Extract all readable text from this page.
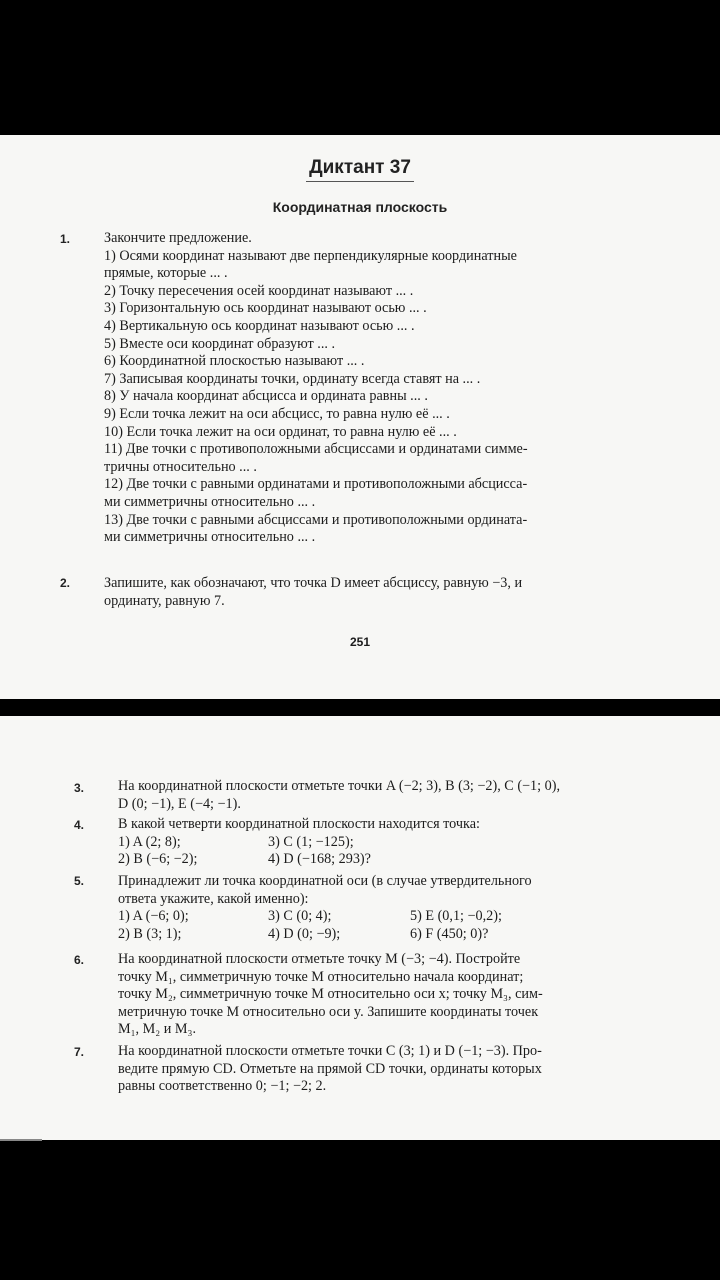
Диктант 37
Координатная плоскость
1. Закончите предложение.
1) Осями координат называют две перпендикулярные координатные
прямые, которые ... .
2) Точку пересечения осей координат называют ... .
3) Горизонтальную ось координат называют осью ... .
4) Вертикальную ось координат называют осью ... .
5) Вместе оси координат образуют ... .
6) Координатной плоскостью называют ... .
7) Записывая координаты точки, ординату всегда ставят на ... .
8) У начала координат абсцисса и ордината равны ... .
9) Если точка лежит на оси абсцисс, то равна нулю её ... .
10) Если точка лежит на оси ординат, то равна нулю её ... .
11) Две точки с противоположными абсциссами и ординатами симме-
тричны относительно ... .
12) Две точки с равными ординатами и противоположными абсцисса-
ми симметричны относительно ... .
13) Две точки с равными абсциссами и противоположными ордината-
ми симметричны относительно ... .
2. Запишите, как обозначают, что точка D имеет абсциссу, равную −3, и
ординату, равную 7.
251
3. На координатной плоскости отметьте точки A (−2; 3), B (3; −2), C (−1; 0),
D (0; −1), E (−4; −1).
4. В какой четверти координатной плоскости находится точка:
1) A (2; 8);	3) C (1; −125);
2) B (−6; −2);	4) D (−168; 293)?
5. Принадлежит ли точка координатной оси (в случае утвердительного
ответа укажите, какой именно):
1) A (−6; 0);	3) C (0; 4);	5) E (0,1; −0,2);
2) B (3; 1);	4) D (0; −9);	6) F (450; 0)?
6. На координатной плоскости отметьте точку M (−3; −4). Постройте
точку M₁, симметричную точке M относительно начала координат;
точку M₂, симметричную точке M относительно оси x; точку M₃, сим-
метричную точке M относительно оси y. Запишите координаты точек
M₁, M₂ и M₃.
7. На координатной плоскости отметьте точки C (3; 1) и D (−1; −3). Про-
ведите прямую CD. Отметьте на прямой CD точки, ординаты которых
равны соответственно 0; −1; −2; 2.
